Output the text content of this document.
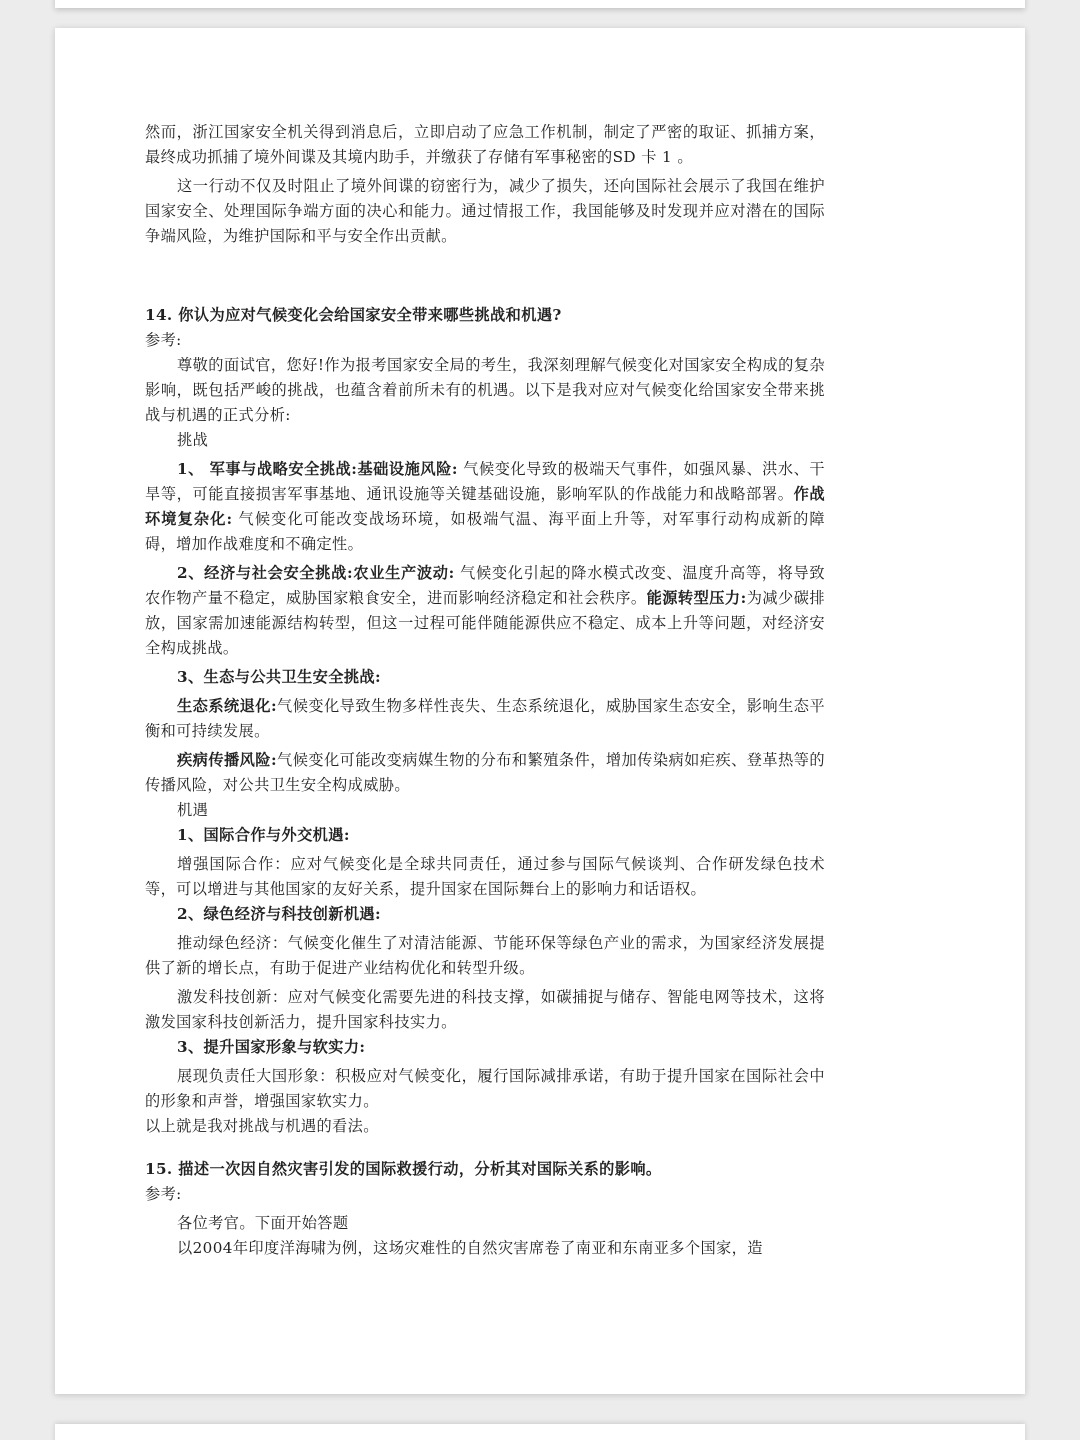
然而，浙江国家安全机关得到消息后，立即启动了应急工作机制，制定了严密的取证、抓捕方案，最终成功抓捕了境外间谍及其境内助手，并缴获了存储有军事秘密的SD 卡 1 。

这一行动不仅及时阻止了境外间谍的窃密行为，减少了损失，还向国际社会展示了我国在维护国家安全、处理国际争端方面的决心和能力。通过情报工作，我国能够及时发现并应对潜在的国际争端风险，为维护国际和平与安全作出贡献。

14. 你认为应对气候变化会给国家安全带来哪些挑战和机遇?

参考:

尊敬的面试官，您好!作为报考国家安全局的考生，我深刻理解气候变化对国家安全构成的复杂影响，既包括严峻的挑战，也蕴含着前所未有的机遇。以下是我对应对气候变化给国家安全带来挑战与机遇的正式分析:

挑战

1、 军事与战略安全挑战:基础设施风险: 气候变化导致的极端天气事件，如强风暴、洪水、干旱等，可能直接损害军事基地、通讯设施等关键基础设施，影响军队的作战能力和战略部署。作战环境复杂化: 气候变化可能改变战场环境，如极端气温、海平面上升等，对军事行动构成新的障碍，增加作战难度和不确定性。

2、经济与社会安全挑战:农业生产波动: 气候变化引起的降水模式改变、温度升高等，将导致农作物产量不稳定，威胁国家粮食安全，进而影响经济稳定和社会秩序。能源转型压力:为减少碳排放，国家需加速能源结构转型，但这一过程可能伴随能源供应不稳定、成本上升等问题，对经济安全构成挑战。

3、生态与公共卫生安全挑战:

生态系统退化:气候变化导致生物多样性丧失、生态系统退化，威胁国家生态安全，影响生态平衡和可持续发展。

疾病传播风险:气候变化可能改变病媒生物的分布和繁殖条件，增加传染病如疟疾、登革热等的传播风险，对公共卫生安全构成威胁。

机遇

1、国际合作与外交机遇:

增强国际合作：应对气候变化是全球共同责任，通过参与国际气候谈判、合作研发绿色技术等，可以增进与其他国家的友好关系，提升国家在国际舞台上的影响力和话语权。

2、绿色经济与科技创新机遇:

推动绿色经济：气候变化催生了对清洁能源、节能环保等绿色产业的需求，为国家经济发展提供了新的增长点，有助于促进产业结构优化和转型升级。

激发科技创新：应对气候变化需要先进的科技支撑，如碳捕捉与储存、智能电网等技术，这将激发国家科技创新活力，提升国家科技实力。

3、提升国家形象与软实力:

展现负责任大国形象：积极应对气候变化，履行国际减排承诺，有助于提升国家在国际社会中的形象和声誉，增强国家软实力。

以上就是我对挑战与机遇的看法。

15. 描述一次因自然灾害引发的国际救援行动，分析其对国际关系的影响。

参考:

各位考官。下面开始答题

以2004年印度洋海啸为例，这场灾难性的自然灾害席卷了南亚和东南亚多个国家，造
